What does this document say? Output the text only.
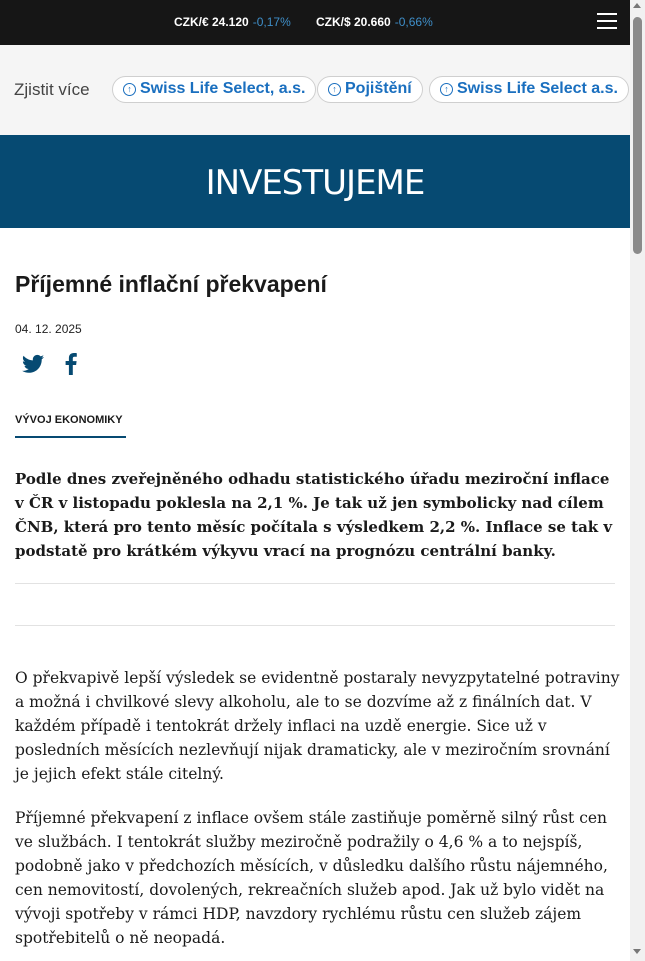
CZK/€ 24.120 -0,17% CZK/$ 20.660 -0,66%
Zjistit více	↑ Swiss Life Select, a.s.	↑ Pojištění	↑ Swiss Life Select a.s.
INVESTUJEME
Příjemné inflační překvapení
04. 12. 2025
VÝVOJ EKONOMIKY

Podle dnes zveřejněného odhadu statistického úřadu meziroční inflace v ČR v listopadu poklesla na 2,1 %. Je tak už jen symbolicky nad cílem ČNB, která pro tento měsíc počítala s výsledkem 2,2 %. Inflace se tak v podstatě pro krátkém výkyvu vrací na prognózu centrální banky.

O překvapivě lepší výsledek se evidentně postaraly nevyzpytatelné potraviny a možná i chvilkové slevy alkoholu, ale to se dozvíme až z finálních dat. V každém případě i tentokrát držely inflaci na uzdě energie. Sice už v posledních měsících nezlevňují nijak dramaticky, ale v meziročním srovnání je jejich efekt stále citelný.

Příjemné překvapení z inflace ovšem stále zastiňuje poměrně silný růst cen ve službách. I tentokrát služby meziročně podražily o 4,6 % a to nejspíš, podobně jako v předchozích měsících, v důsledku dalšího růstu nájemného, cen nemovitostí, dovolených, rekreačních služeb apod. Jak už bylo vidět na vývoji spotřeby v rámci HDP, navzdory rychlému růstu cen služeb zájem spotřebitelů o ně neopadá.
